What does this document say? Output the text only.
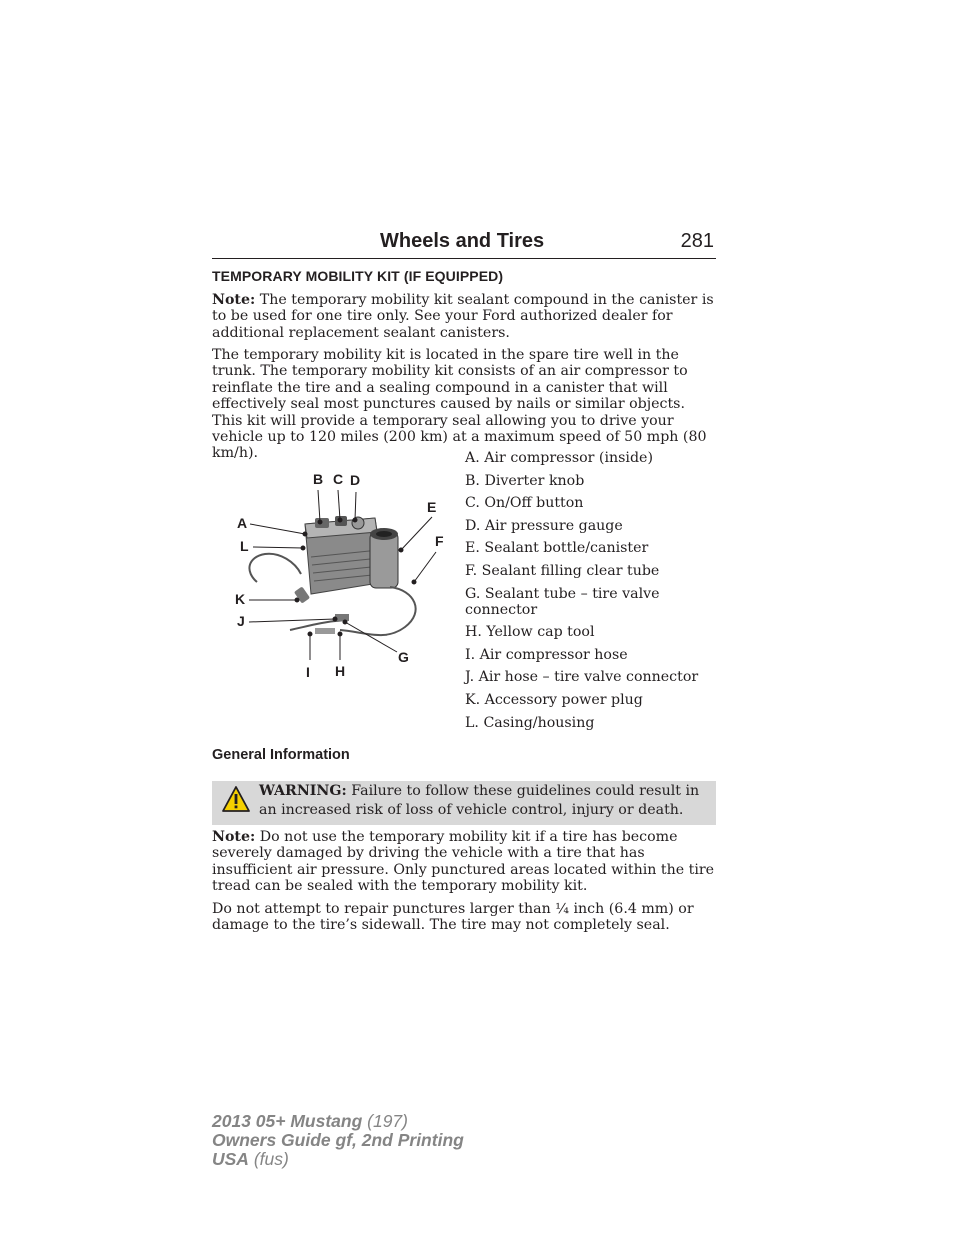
Wheels and Tires	281
TEMPORARY MOBILITY KIT (IF EQUIPPED)
Note: The temporary mobility kit sealant compound in the canister is to be used for one tire only. See your Ford authorized dealer for additional replacement sealant canisters.
The temporary mobility kit is located in the spare tire well in the trunk. The temporary mobility kit consists of an air compressor to reinflate the tire and a sealing compound in a canister that will effectively seal most punctures caused by nails or similar objects. This kit will provide a temporary seal allowing you to drive your vehicle up to 120 miles (200 km) at a maximum speed of 50 mph (80 km/h).
B C D
E
A
L	F
K
J
G
I H
A. Air compressor (inside)
B. Diverter knob
C. On/Off button
D. Air pressure gauge
E. Sealant bottle/canister
F. Sealant filling clear tube
G. Sealant tube – tire valve connector
H. Yellow cap tool
I. Air compressor hose
J. Air hose – tire valve connector
K. Accessory power plug
L. Casing/housing
General Information
WARNING: Failure to follow these guidelines could result in an increased risk of loss of vehicle control, injury or death.
Note: Do not use the temporary mobility kit if a tire has become severely damaged by driving the vehicle with a tire that has insufficient air pressure. Only punctured areas located within the tire tread can be sealed with the temporary mobility kit.
Do not attempt to repair punctures larger than ¼ inch (6.4 mm) or damage to the tire’s sidewall. The tire may not completely seal.
2013 05+ Mustang (197)
Owners Guide gf, 2nd Printing
USA (fus)
